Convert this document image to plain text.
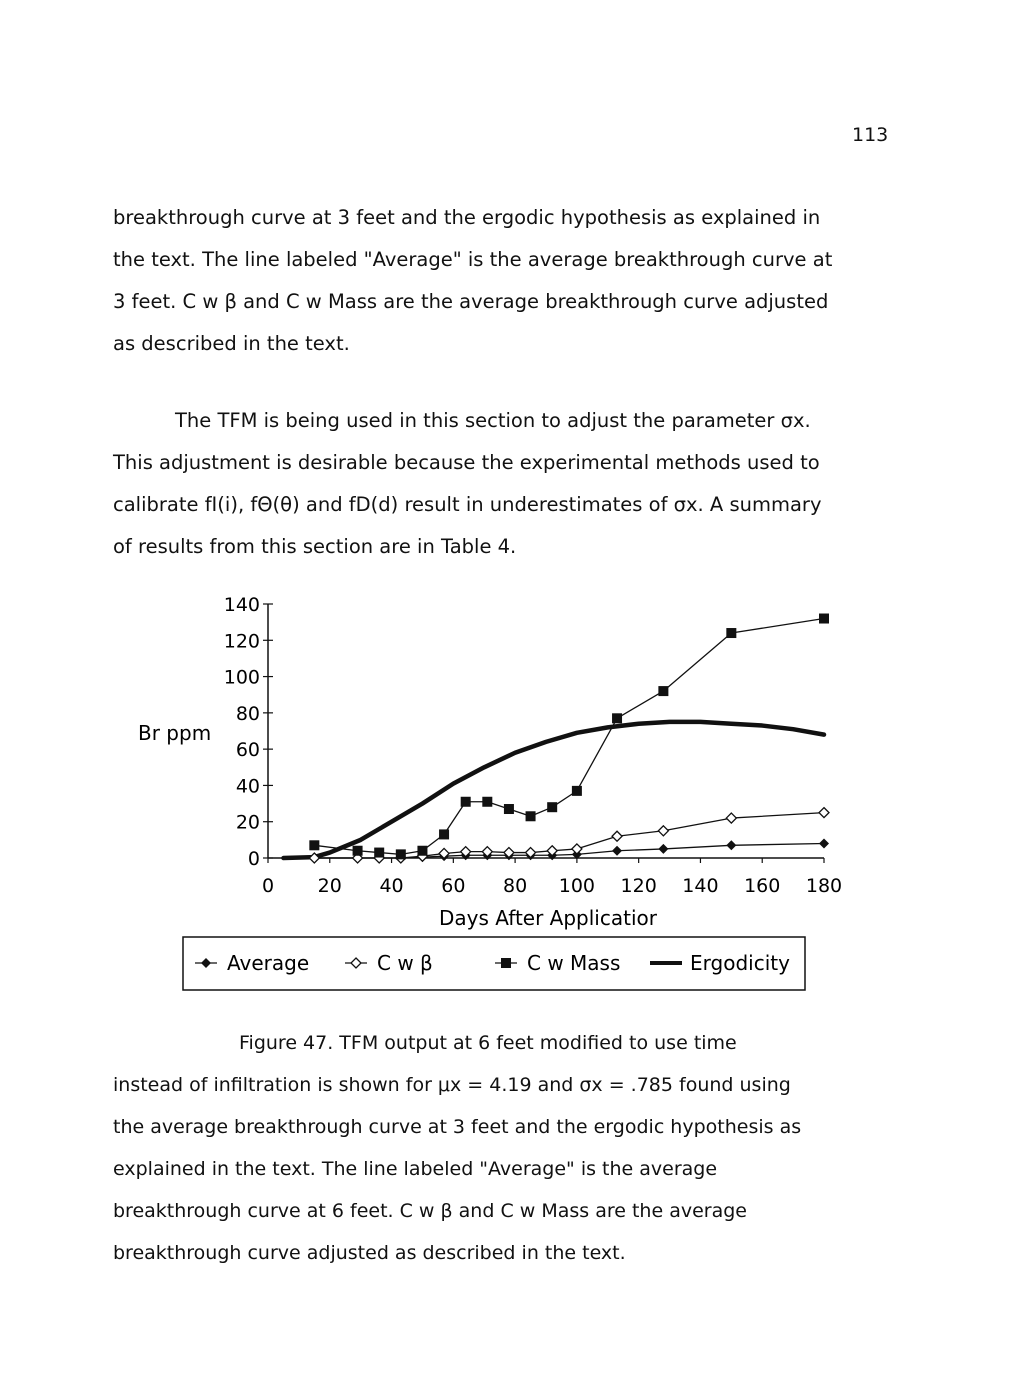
113

breakthrough curve at 3 feet and the ergodic hypothesis as explained in
the text. The line labeled "Average" is the average breakthrough curve at
3 feet. C w β and C w Mass are the average breakthrough curve adjusted
as described in the text.

The TFM is being used in this section to adjust the parameter σx.
This adjustment is desirable because the experimental methods used to
calibrate fI(i), fΘ(θ) and fD(d) result in underestimates of σx. A summary
of results from this section are in Table 4.

0
20
40
60
80
100
120
140
0 20 40 60 80 100 120 140 160 180
Br ppm
Days After Applicatior
Average	C w β	C w Mass	Ergodicity

Figure 47. TFM output at 6 feet modified to use time
instead of infiltration is shown for μx = 4.19 and σx = .785 found using
the average breakthrough curve at 3 feet and the ergodic hypothesis as
explained in the text. The line labeled "Average" is the average
breakthrough curve at 6 feet. C w β and C w Mass are the average
breakthrough curve adjusted as described in the text.
